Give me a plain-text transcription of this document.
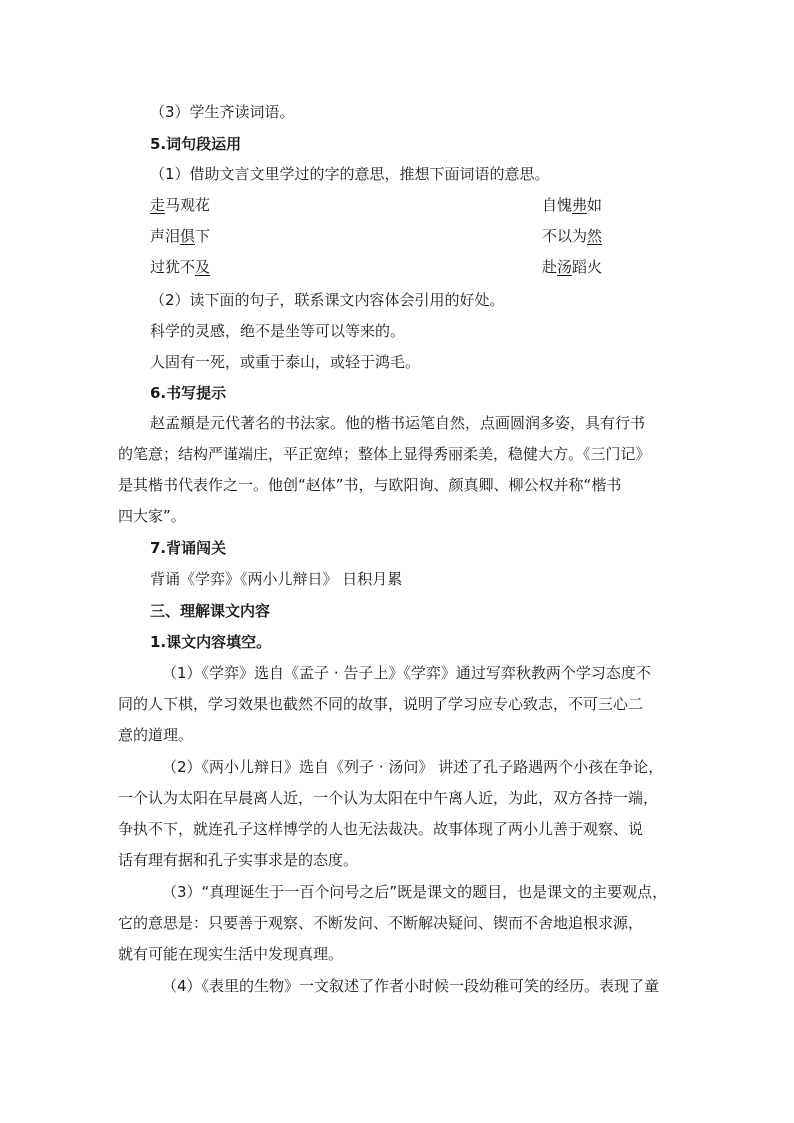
（3）学生齐读词语。

5.词句段运用

（1）借助文言文里学过的字的意思，推想下面词语的意思。

走马观花	自愧弗如
声泪俱下	不以为然
过犹不及	赴汤蹈火

（2）读下面的句子，联系课文内容体会引用的好处。

科学的灵感，绝不是坐等可以等来的。

人固有一死，或重于泰山，或轻于鸿毛。

6.书写提示

赵孟頫是元代著名的书法家。他的楷书运笔自然，点画圆润多姿，具有行书

的笔意；结构严谨端庄，平正宽绰；整体上显得秀丽柔美，稳健大方。《三门记》

是其楷书代表作之一。他创“赵体”书，与欧阳询、颜真卿、柳公权并称“楷书

四大家”。

7.背诵闯关

背诵《学弈》《两小儿辩日》 日积月累

三、理解课文内容

1.课文内容填空。

（1）《学弈》选自《孟子 · 告子上》《学弈》通过写弈秋教两个学习态度不

同的人下棋，学习效果也截然不同的故事，说明了学习应专心致志，不可三心二

意的道理。

（2）《两小儿辩日》选自《列子 · 汤问》 讲述了孔子路遇两个小孩在争论，

一个认为太阳在早晨离人近，一个认为太阳在中午离人近，为此，双方各持一端，

争执不下，就连孔子这样博学的人也无法裁决。故事体现了两小儿善于观察、说

话有理有据和孔子实事求是的态度。

（3）“真理诞生于一百个问号之后”既是课文的题目，也是课文的主要观点，

它的意思是：只要善于观察、不断发问、不断解决疑问、锲而不舍地追根求源，

就有可能在现实生活中发现真理。

（4）《表里的生物》一文叙述了作者小时候一段幼稚可笑的经历。表现了童
